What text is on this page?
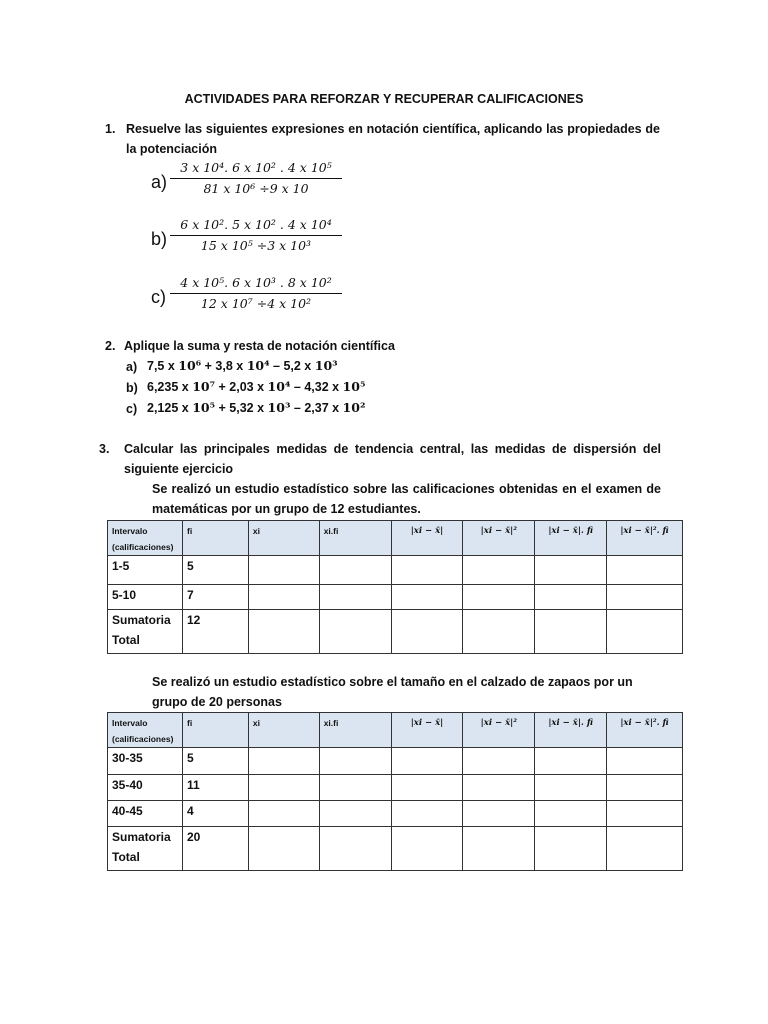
ACTIVIDADES PARA REFORZAR Y RECUPERAR CALIFICACIONES
1. Resuelve las siguientes expresiones en notación científica, aplicando las propiedades de la potenciación
$a) \frac{\text{3 x 10⁴. 6 x 10² . 4 x 10⁵}}{\text{81 x 10⁶ ÷9 x 10}}$
$b) \frac{\text{6 x 10². 5 x 10² . 4 x 10⁴}}{\text{15 x 10⁵ ÷3 x 10³}}$
$c) \frac{\text{4 x 10⁵. 6 x 10³ . 8 x 10²}}{\text{12 x 10⁷ ÷4 x 10²}}$
2. Aplique la suma y resta de notación científica
a) 7,5 x 10⁶ + 3,8 x 10⁴ – 5,2 x 10³
b) 6,235 x 10⁷ + 2,03 x 10⁴ – 4,32 x 10⁵
c) 2,125 x 10⁵ + 5,32 x 10³ – 2,37 x 10²
3. Calcular las principales medidas de tendencia central, las medidas de dispersión del siguiente ejercicio
Se realizó un estudio estadístico sobre las calificaciones obtenidas en el examen de matemáticas por un grupo de 12 estudiantes.
Intervalo (calificaciones)	fi	xi	xi.fi	|xi − x̄|	|xi − x̄|²	|xi − x̄|. fi	|xi − x̄|². fi
1-5	5						
5-10	7						
Sumatoria Total	12						
Se realizó un estudio estadístico sobre el tamaño en el calzado de zapaos por un grupo de 20 personas
Intervalo (calificaciones)	fi	xi	xi.fi	|xi − x̄|	|xi − x̄|²	|xi − x̄|. fi	|xi − x̄|². fi
30-35	5						
35-40	11						
40-45	4						
Sumatoria Total	20						
